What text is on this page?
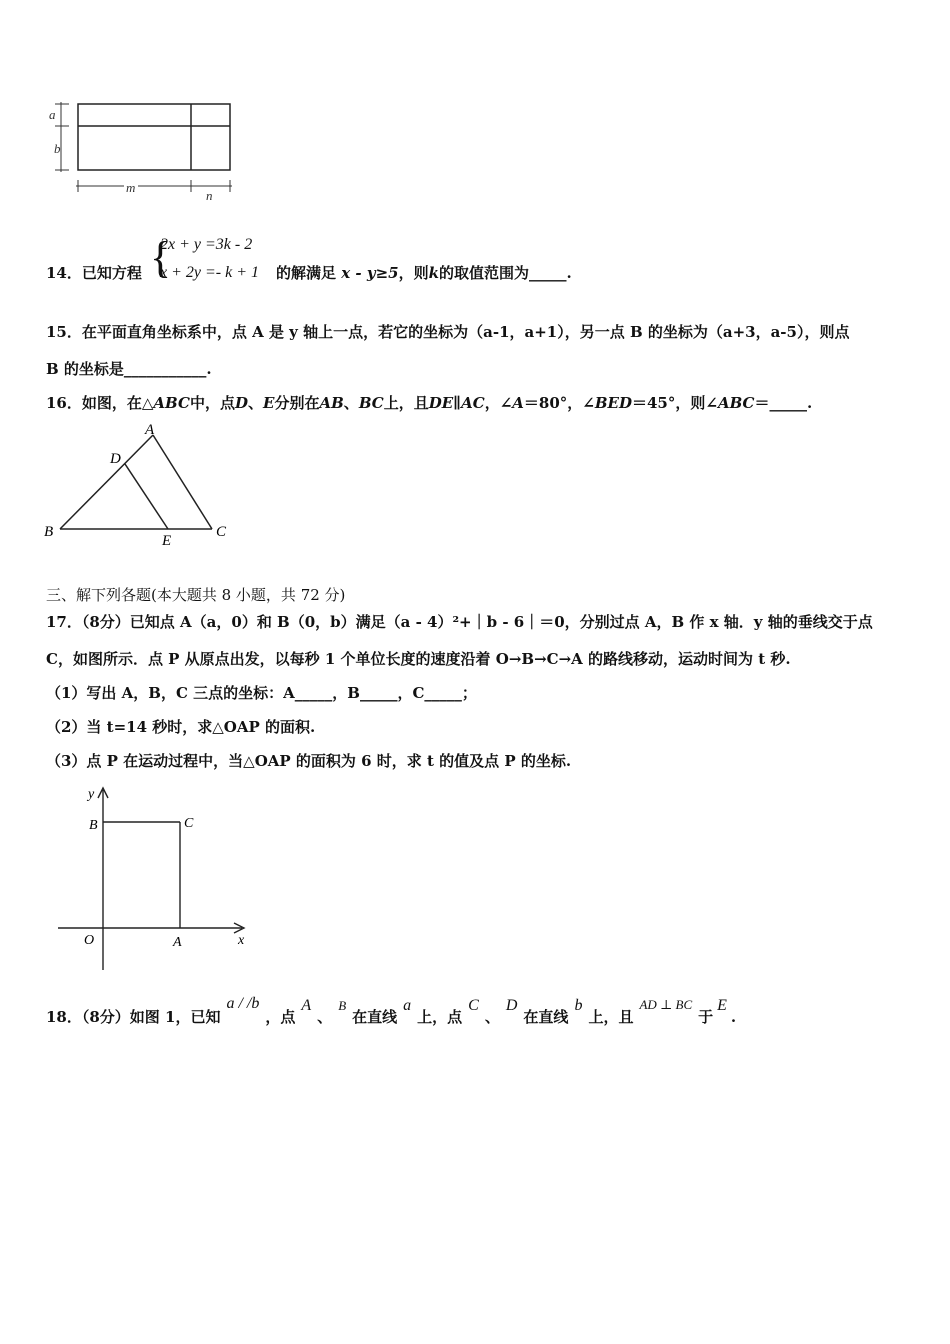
a
b
m
n
14．已知方程 {
2x + y =3k - 2
x + 2y =- k + 1 的解满足 x - y≥5，则k的取值范围为_____.
15．在平面直角坐标系中，点 A 是 y 轴上一点，若它的坐标为（a-1，a+1），另一点 B 的坐标为（a+3，a-5），则点
B 的坐标是___________.
16．如图，在△ABC中，点D、E分别在AB、BC上，且DE∥AC，∠A＝80°，∠BED＝45°，则∠ABC＝_____.
A
B	C
D
E
三、解下列各题(本大题共 8 小题，共 72 分)
17．（8分）已知点 A（a，0）和 B（0，b）满足（a - 4）²+｜b - 6｜＝0，分别过点 A，B 作 x 轴．y 轴的垂线交于点
C，如图所示．点 P 从原点出发，以每秒 1 个单位长度的速度沿着 O→B→C→A 的路线移动，运动时间为 t 秒.
（1）写出 A，B，C 三点的坐标：A_____，B_____，C_____；
（2）当 t=14 秒时，求△OAP 的面积.
（3）点 P 在运动过程中，当△OAP 的面积为 6 时，求 t 的值及点 P 的坐标.
y
x
O	A
B	C
18．（8分）如图 1，已知a / /b，点A、B在直线a上，点C、D在直线b上，且AD ⊥ BC于E.
